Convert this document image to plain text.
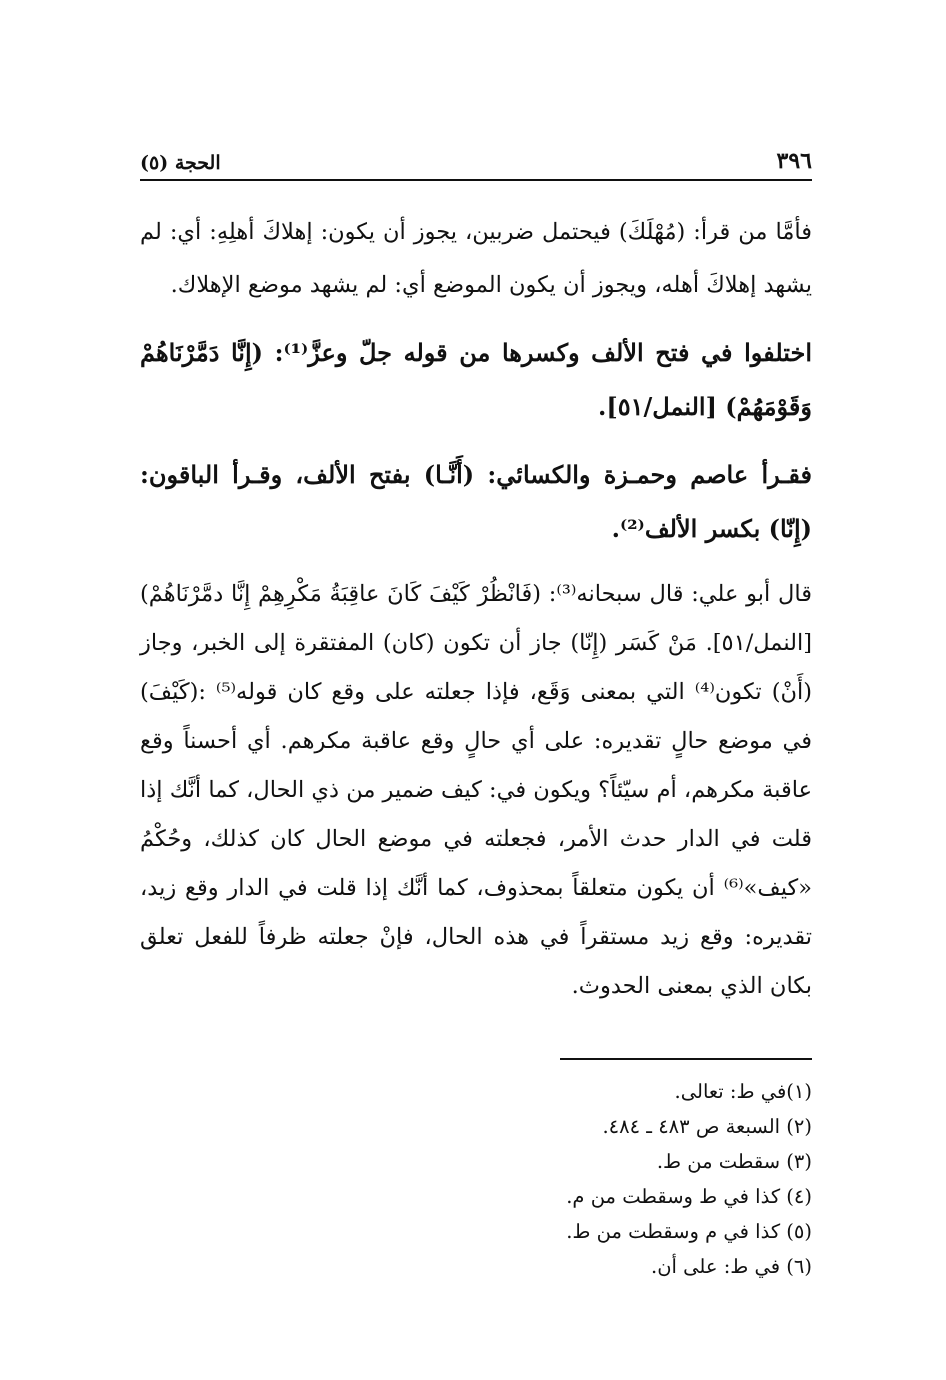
٣٩٦
الحجة (٥)

فأمَّا من قرأ: (مُهْلَكَ) فيحتمل ضربين، يجوز أن يكون: إهلاكَ أهلِهِ: أي: لم يشهد إهلاكَ أهله، ويجوز أن يكون الموضع أي: لم يشهد موضع الإهلاك.

اختلفوا في فتح الألف وكسرها من قوله جلّ وعزَّ⁽¹⁾: (إِنَّا دَمَّرْنَاهُمْ وَقَوْمَهُمْ) [النمل/٥١].

فقـرأ عاصم وحمـزة والكسائي: (أَنَّـا) بفتح الألف، وقـرأ الباقون: (إِنّا) بكسر الألف⁽²⁾.

قال أبو علي: قال سبحانه⁽³⁾: (فَانْظُرْ كَيْفَ كَانَ عاقِبَةُ مَكْرِهِمْ إِنَّا دمَّرْنَاهُمْ) [النمل/٥١]. مَنْ كَسَر (إِنّا) جاز أن تكون (كان) المفتقرة إلى الخبر، وجاز (أَنْ) تكون⁽⁴⁾ التي بمعنى وَقَع، فإذا جعلته على وقع كان قوله⁽⁵⁾ :(كَيْفَ) في موضع حالٍ تقديره: على أي حالٍ وقع عاقبة مكرهم. أي أحسناً وقع عاقبة مكرهم، أم سيّئاً؟ ويكون في: كيف ضمير من ذي الحال، كما أنَّك إذا قلت في الدار حدث الأمر، فجعلته في موضع الحال كان كذلك، وحُكْمُ «كيف»⁽⁶⁾ أن يكون متعلقاً بمحذوف، كما أنَّك إذا قلت في الدار وقع زيد، تقديره: وقع زيد مستقراً في هذه الحال، فإنْ جعلته ظرفاً للفعل تعلق بكان الذي بمعنى الحدوث.

(١)في ط: تعالى.
(٢) السبعة ص ٤٨٣ ـ ٤٨٤.
(٣) سقطت من ط.
(٤) كذا في ط وسقطت من م.
(٥) كذا في م وسقطت من ط.
(٦) في ط: على أن.
